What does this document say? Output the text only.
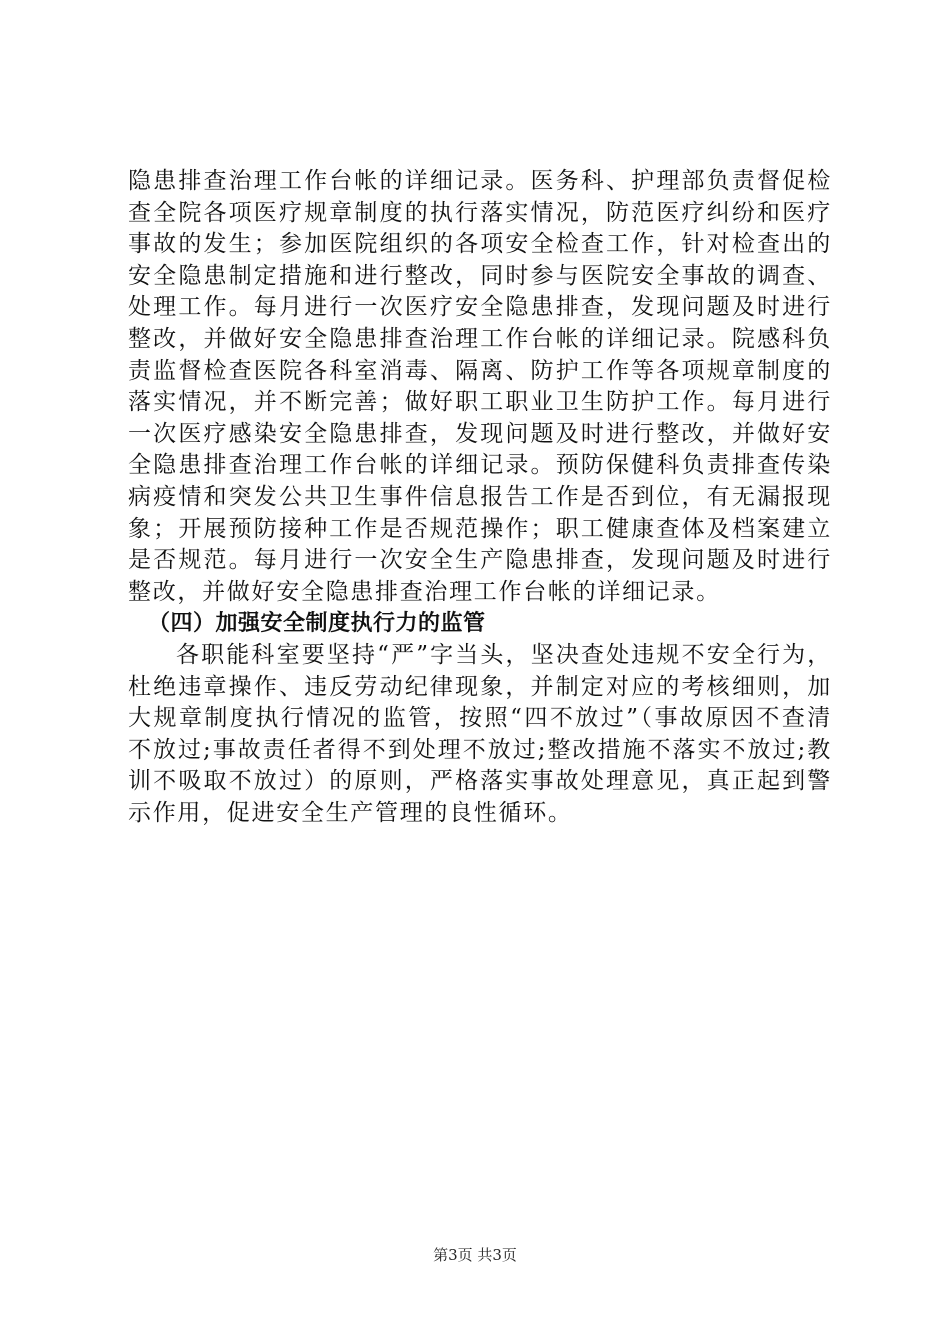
隐患排查治理工作台帐的详细记录。医务科、护理部负责督促检查全院各项医疗规章制度的执行落实情况，防范医疗纠纷和医疗事故的发生；参加医院组织的各项安全检查工作，针对检查出的安全隐患制定措施和进行整改，同时参与医院安全事故的调查、处理工作。每月进行一次医疗安全隐患排查，发现问题及时进行整改，并做好安全隐患排查治理工作台帐的详细记录。院感科负责监督检查医院各科室消毒、隔离、防护工作等各项规章制度的落实情况，并不断完善；做好职工职业卫生防护工作。每月进行一次医疗感染安全隐患排查，发现问题及时进行整改，并做好安全隐患排查治理工作台帐的详细记录。预防保健科负责排查传染病疫情和突发公共卫生事件信息报告工作是否到位，有无漏报现象；开展预防接种工作是否规范操作；职工健康查体及档案建立是否规范。每月进行一次安全生产隐患排查，发现问题及时进行整改，并做好安全隐患排查治理工作台帐的详细记录。

（四）加强安全制度执行力的监管

各职能科室要坚持“严”字当头，坚决查处违规不安全行为，杜绝违章操作、违反劳动纪律现象，并制定对应的考核细则，加大规章制度执行情况的监管，按照“四不放过”（事故原因不查清不放过;事故责任者得不到处理不放过;整改措施不落实不放过;教训不吸取不放过）的原则，严格落实事故处理意见，真正起到警示作用，促进安全生产管理的良性循环。

第3页 共3页
